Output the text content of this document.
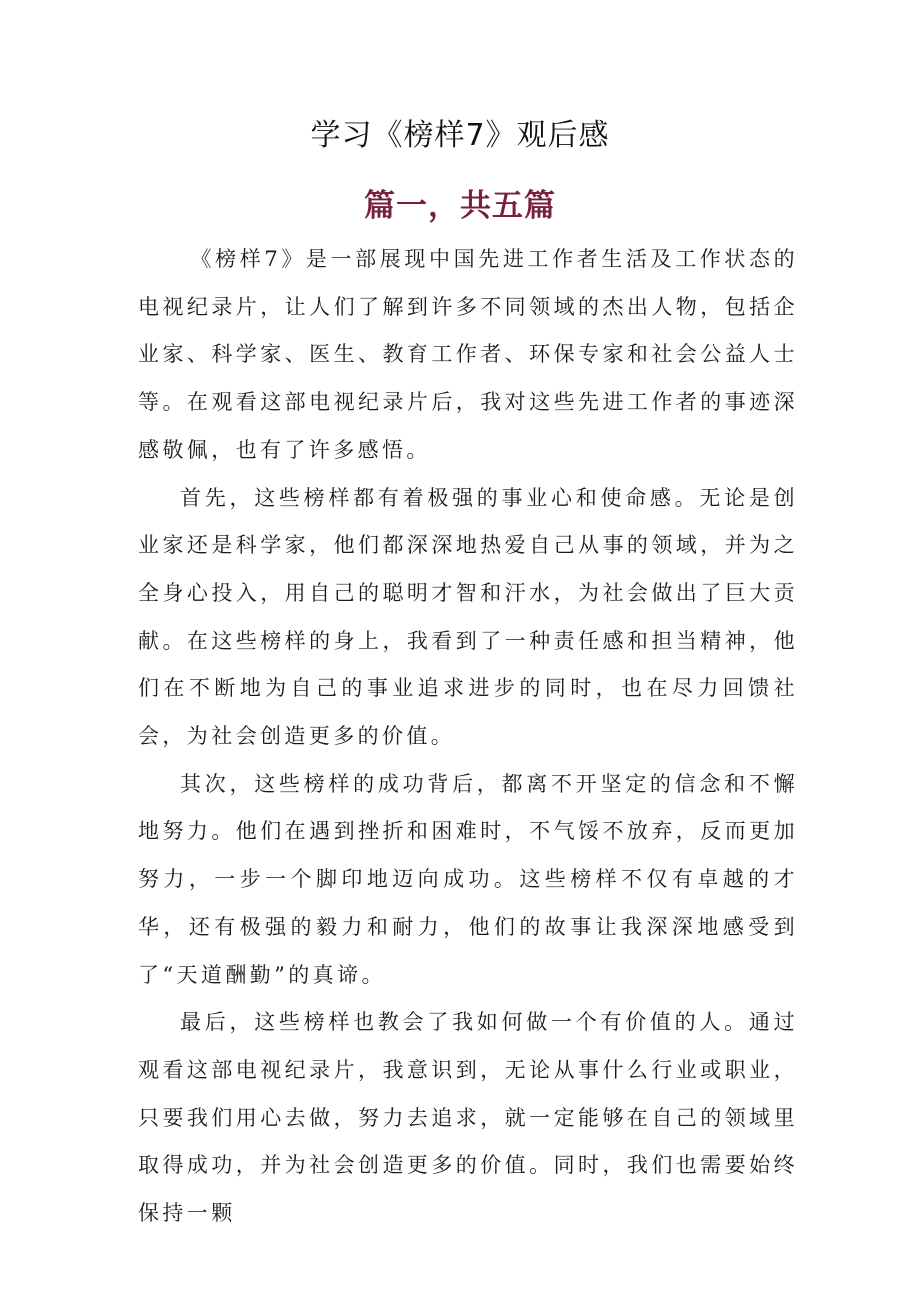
学习《榜样7》观后感
篇一，共五篇

《榜样7》是一部展现中国先进工作者生活及工作状态的电视纪录片，让人们了解到许多不同领域的杰出人物，包括企业家、科学家、医生、教育工作者、环保专家和社会公益人士等。在观看这部电视纪录片后，我对这些先进工作者的事迹深感敬佩，也有了许多感悟。

首先，这些榜样都有着极强的事业心和使命感。无论是创业家还是科学家，他们都深深地热爱自己从事的领域，并为之全身心投入，用自己的聪明才智和汗水，为社会做出了巨大贡献。在这些榜样的身上，我看到了一种责任感和担当精神，他们在不断地为自己的事业追求进步的同时，也在尽力回馈社会，为社会创造更多的价值。

其次，这些榜样的成功背后，都离不开坚定的信念和不懈地努力。他们在遇到挫折和困难时，不气馁不放弃，反而更加努力，一步一个脚印地迈向成功。这些榜样不仅有卓越的才华，还有极强的毅力和耐力，他们的故事让我深深地感受到了“天道酬勤”的真谛。

最后，这些榜样也教会了我如何做一个有价值的人。通过观看这部电视纪录片，我意识到，无论从事什么行业或职业，只要我们用心去做，努力去追求，就一定能够在自己的领域里取得成功，并为社会创造更多的价值。同时，我们也需要始终保持一颗
